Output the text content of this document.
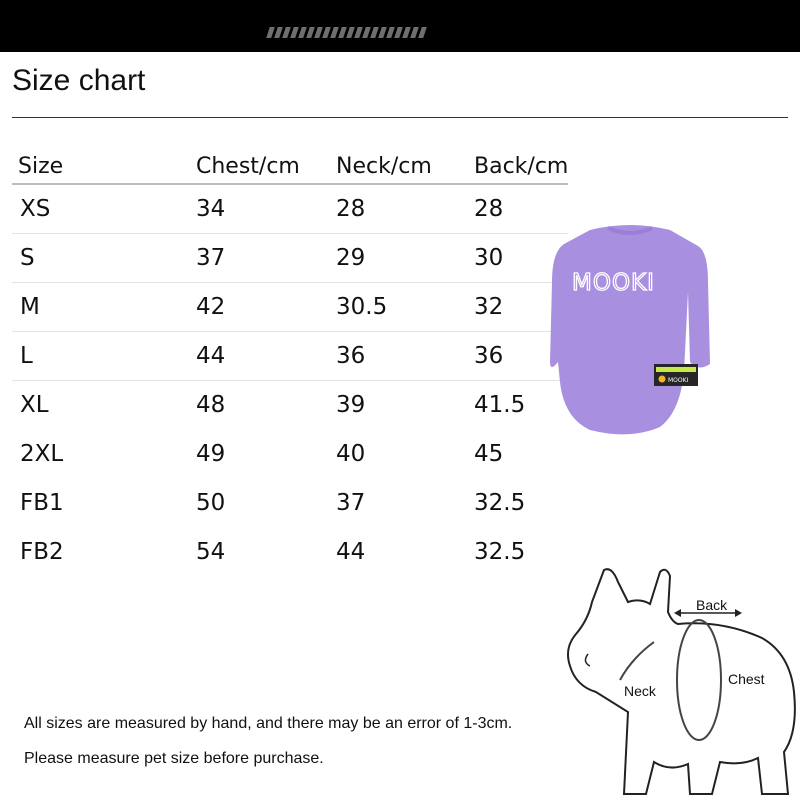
Size chart
Size	Chest/cm	Neck/cm	Back/cm
XS	34	28	28
S	37	29	30
M	42	30.5	32
L	44	36	36
XL	48	39	41.5
2XL	49	40	45
FB1	50	37	32.5
FB2	54	44	32.5
MOOKI
MOOKI
Back
Neck
Chest
All sizes are measured by hand, and there may be an error of 1-3cm.
Please measure pet size before purchase.
